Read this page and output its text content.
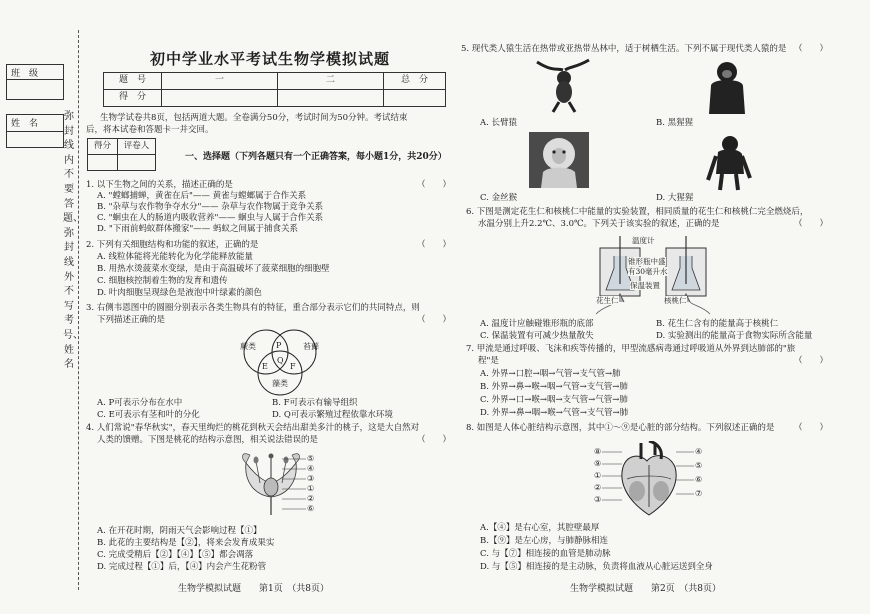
班　级
姓　名
弥封线内不要答题、弥封线外不写考号、姓名
初中学业水平考试生物学模拟试题
题　号	一	二	总　分
得　分			
生物学试卷共8页，包括两道大题。全卷满分50分，考试时间为50分钟。考试结束
后，将本试卷和答题卡一并交回。
得分	评卷人

一、选择题（下列各题只有一个正确答案，每小题1分，共20分）
1. 以下生物之间的关系，描述正确的是	（　　）
A. "螳螂捕蝉，黄雀在后"—— 黄雀与螳螂属于合作关系
B. "杂草与农作物争夺水分"—— 杂草与农作物属于竞争关系
C. "蛔虫在人的肠道内吸收营养"—— 蛔虫与人属于合作关系
D. "下雨前蚂蚁群体搬家"—— 蚂蚁之间属于捕食关系
2. 下列有关细胞结构和功能的叙述，正确的是	（　　）
A. 线粒体能将光能转化为化学能释放能量
B. 用热水烫菠菜水变绿，是由于高温破坏了菠菜细胞的细胞壁
C. 细胞核控制着生物的发育和遗传
D. 叶肉细胞呈现绿色是液泡中叶绿素的颜色
3. 右侧韦恩图中的圆圈分别表示各类生物具有的特征，重合部分表示它们的共同特点，则
下列描述正确的是	（　　）
蕨类	苔藓
藻类
P
Q
E	F
A. P可表示分布在水中	B. F可表示有输导组织
C. E可表示有茎和叶的分化	D. Q可表示繁殖过程依靠水环境
4. 人们常说"春华秋实"，春天里绚烂的桃花到秋天会结出甜美多汁的桃子，这是大自然对
人类的馈赠。下图是桃花的结构示意图，相关说法错误的是	（　　）
⑤
④
③
①
②
⑥
A. 在开花时期，阴雨天气会影响过程【①】
B. 此花的主要结构是【②】，将来会发育成果实
C. 完成受精后【②】【④】【⑤】都会凋落
D. 完成过程【①】后，【④】内会产生花粉管
生物学模拟试题　　第1页　（共8页）
5. 现代类人猿生活在热带或亚热带丛林中，适于树栖生活。下列不属于现代类人猿的是 （　　）
A. 长臂猿	B. 黑猩猩
C. 金丝猴	D. 大猩猩
6. 下图是测定花生仁和核桃仁中能量的实验装置，相同质量的花生仁和核桃仁完全燃烧后，
水温分别上升2.2℃、3.0℃。下列关于该实验的叙述，正确的是	（　　）
温度计
锥形瓶中盛
有30毫升水
保温装置
花生仁	核桃仁
A. 温度计应触碰锥形瓶的底部	B. 花生仁含有的能量高于核桃仁
C. 保温装置有可减少热量散失	D. 实验测出的能量高于食物实际所含能量
7. 甲流是通过呼吸、飞沫和疾等传播的，甲型流感病毒通过呼吸道从外界到达肺部的"旅
程"是	（　　）
A. 外界→口腔→咽→气管→支气管→肺
B. 外界→鼻→喉→咽→气管→支气管→肺
C. 外界→口→喉→咽→支气管→气管→肺
D. 外界→鼻→咽→喉→气管→支气管→肺
8. 如图是人体心脏结构示意图，其中①～⑨是心脏的部分结构。下列叙述正确的是 （　　）
⑧
⑨
①
②
③
④
⑤
⑥
⑦
A.【④】是右心室，其腔壁最厚
B.【⑨】是左心房，与肺静脉相连
C. 与【⑦】相连接的血管是肺动脉
D. 与【⑤】相连接的是主动脉，负责将血液从心脏运送到全身
生物学模拟试题　　第2页　（共8页）
